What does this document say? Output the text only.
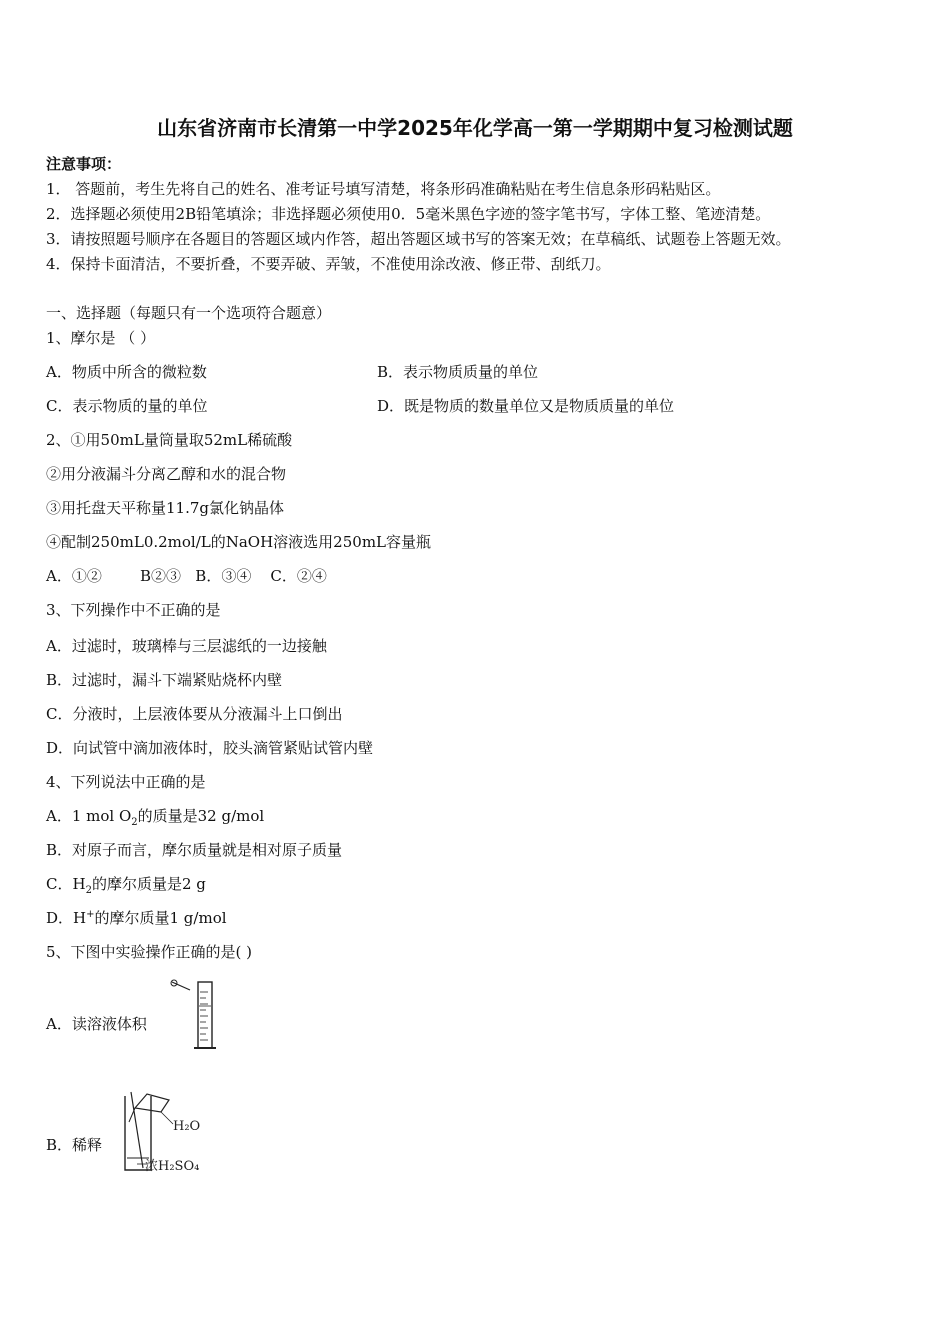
山东省济南市长清第一中学2025年化学高一第一学期期中复习检测试题
注意事项：
1． 答题前，考生先将自己的姓名、准考证号填写清楚，将条形码准确粘贴在考生信息条形码粘贴区。
2．选择题必须使用2B铅笔填涂；非选择题必须使用0．5毫米黑色字迹的签字笔书写，字体工整、笔迹清楚。
3．请按照题号顺序在各题目的答题区域内作答，超出答题区域书写的答案无效；在草稿纸、试题卷上答题无效。
4．保持卡面清洁，不要折叠，不要弄破、弄皱，不准使用涂改液、修正带、刮纸刀。
一、选择题（每题只有一个选项符合题意）
1、摩尔是 （ ）
A．物质中所含的微粒数	B．表示物质质量的单位
C．表示物质的量的单位	D．既是物质的数量单位又是物质质量的单位
2、①用50mL量筒量取52mL稀硫酸
②用分液漏斗分离乙醇和水的混合物
③用托盘天平称量11.7g氯化钠晶体
④配制250mL0.2mol/L的NaOH溶液选用250mL容量瓶
A．①②        B②③   B．③④    C．②④
3、下列操作中不正确的是
A．过滤时，玻璃棒与三层滤纸的一边接触
B．过滤时，漏斗下端紧贴烧杯内壁
C．分液时，上层液体要从分液漏斗上口倒出
D．向试管中滴加液体时，胶头滴管紧贴试管内壁
4、下列说法中正确的是
A．1 mol $O_2$的质量是32 g/mol
B．对原子而言，摩尔质量就是相对原子质量
C．$H_2$的摩尔质量是2 g
D．H+的摩尔质量1 g/mol
5、下图中实验操作正确的是( )
A．读溶液体积
B．稀释
H₂O
浓H₂SO₄
